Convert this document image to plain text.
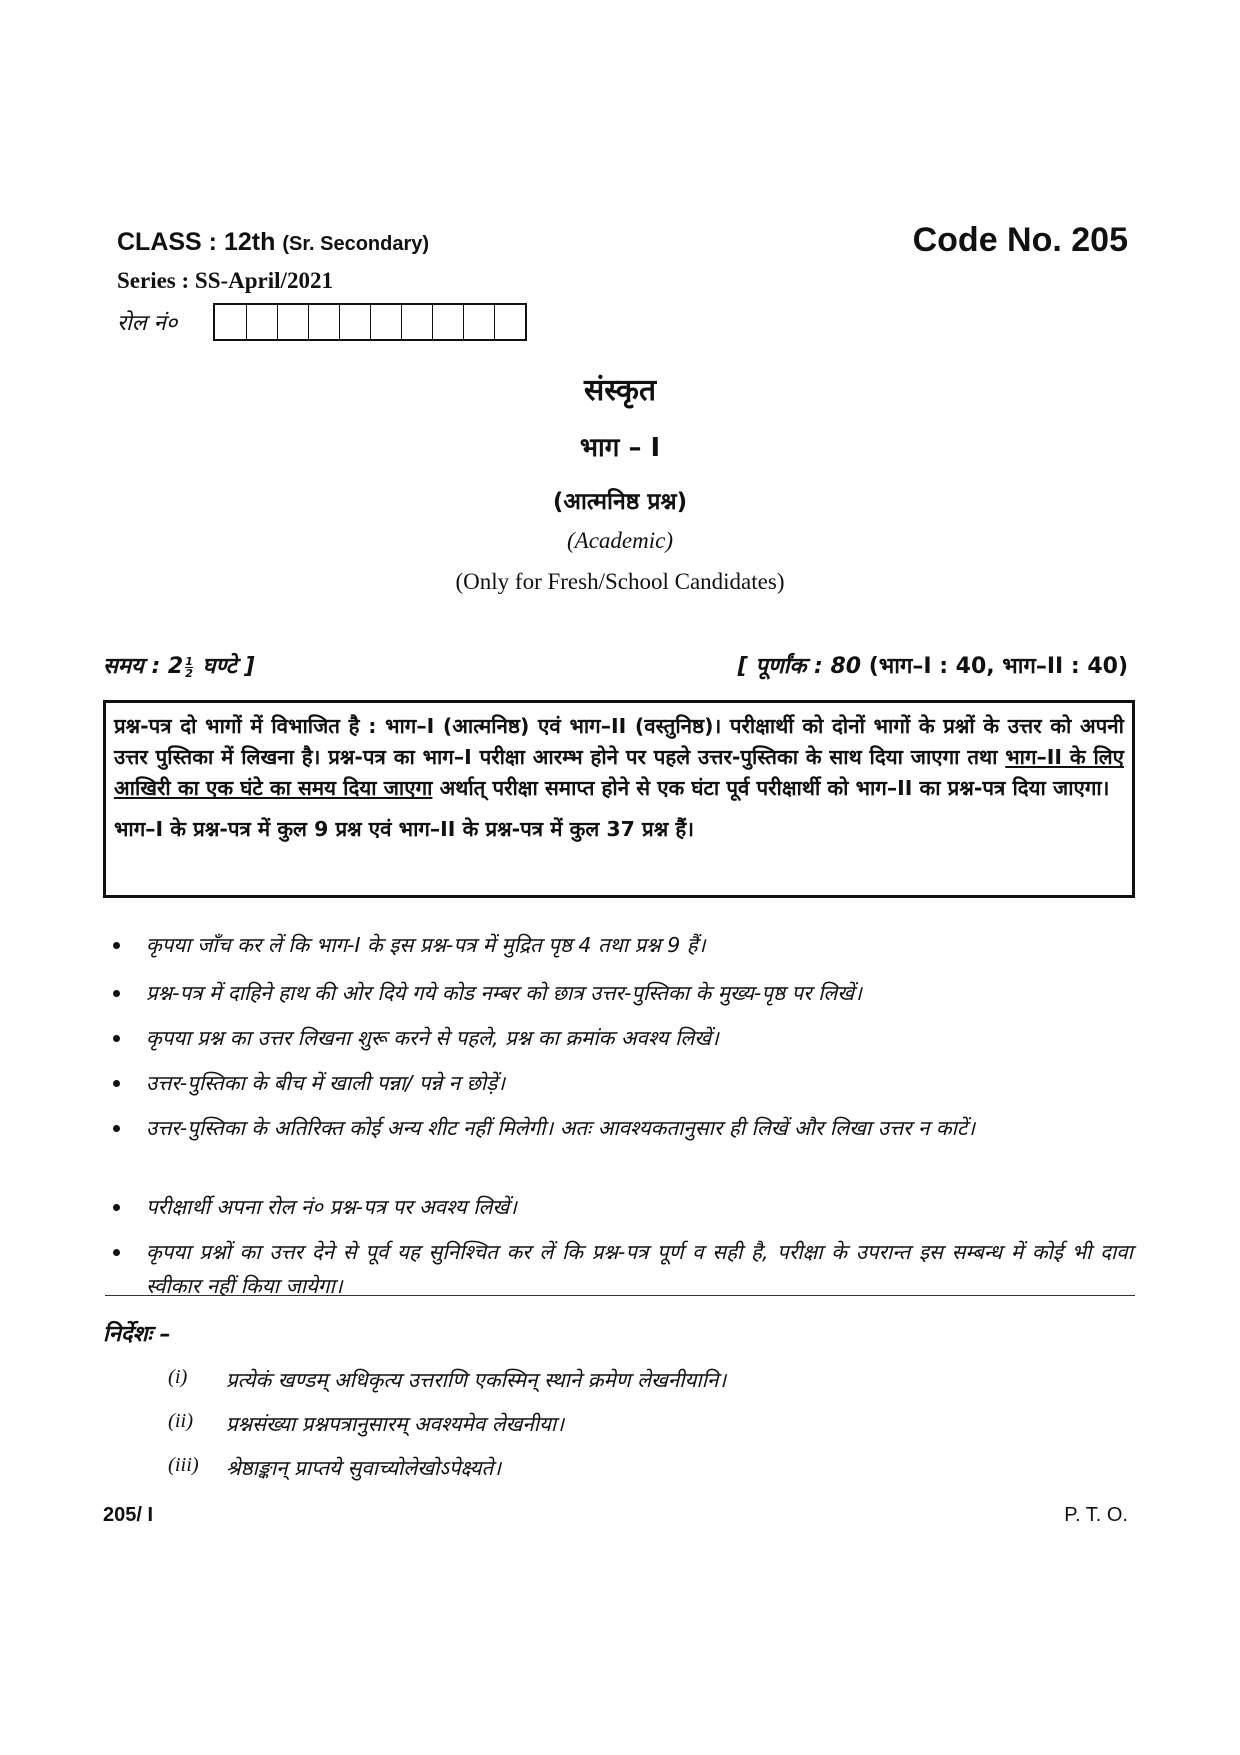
CLASS : 12th (Sr. Secondary)	Code No. 205
Series : SS-April/2021
रोल नं०
संस्कृत
भाग – I
(आत्मनिष्ठ प्रश्न)
(Academic)
(Only for Fresh/School Candidates)
समय : $2 \frac{1}{2}$ घण्टे ]	[ पूर्णांक : 80 (भाग–I : 40, भाग–II : 40)

प्रश्न-पत्र दो भागों में विभाजित है : भाग–I (आत्मनिष्ठ) एवं भाग–II (वस्तुनिष्ठ)। परीक्षार्थी को दोनों भागों के प्रश्नों के उत्तर को अपनी उत्तर पुस्तिका में लिखना है। प्रश्न-पत्र का भाग–I परीक्षा आरम्भ होने पर पहले उत्तर-पुस्तिका के साथ दिया जाएगा तथा भाग–II के लिए आखिरी का एक घंटे का समय दिया जाएगा अर्थात् परीक्षा समाप्त होने से एक घंटा पूर्व परीक्षार्थी को भाग–II का प्रश्न-पत्र दिया जाएगा।

भाग–I के प्रश्न-पत्र में कुल 9 प्रश्न एवं भाग–II के प्रश्न-पत्र में कुल 37 प्रश्न हैं।

कृपया जाँच कर लें कि भाग-I के इस प्रश्न-पत्र में मुद्रित पृष्ठ 4 तथा प्रश्न 9 हैं।
प्रश्न-पत्र में दाहिने हाथ की ओर दिये गये कोड नम्बर को छात्र उत्तर-पुस्तिका के मुख्य-पृष्ठ पर लिखें।
कृपया प्रश्न का उत्तर लिखना शुरू करने से पहले, प्रश्न का क्रमांक अवश्य लिखें।
उत्तर-पुस्तिका के बीच में खाली पन्ना/ पन्ने न छोड़ें।
उत्तर-पुस्तिका के अतिरिक्त कोई अन्य शीट नहीं मिलेगी। अतः आवश्यकतानुसार ही लिखें और लिखा उत्तर न काटें।
परीक्षार्थी अपना रोल नं० प्रश्न-पत्र पर अवश्य लिखें।
कृपया प्रश्नों का उत्तर देने से पूर्व यह सुनिश्चित कर लें कि प्रश्न-पत्र पूर्ण व सही है, परीक्षा के उपरान्त इस सम्बन्ध में कोई भी दावा स्वीकार नहीं किया जायेगा।
निर्देशः –
(i)	प्रत्येकं खण्डम् अधिकृत्य उत्तराणि एकस्मिन् स्थाने क्रमेण लेखनीयानि।
(ii)	प्रश्नसंख्या प्रश्नपत्रानुसारम् अवश्यमेव लेखनीया।
(iii)	श्रेष्ठाङ्कान् प्राप्तये सुवाच्योलेखोऽपेक्ष्यते।
205/ I	P. T. O.
